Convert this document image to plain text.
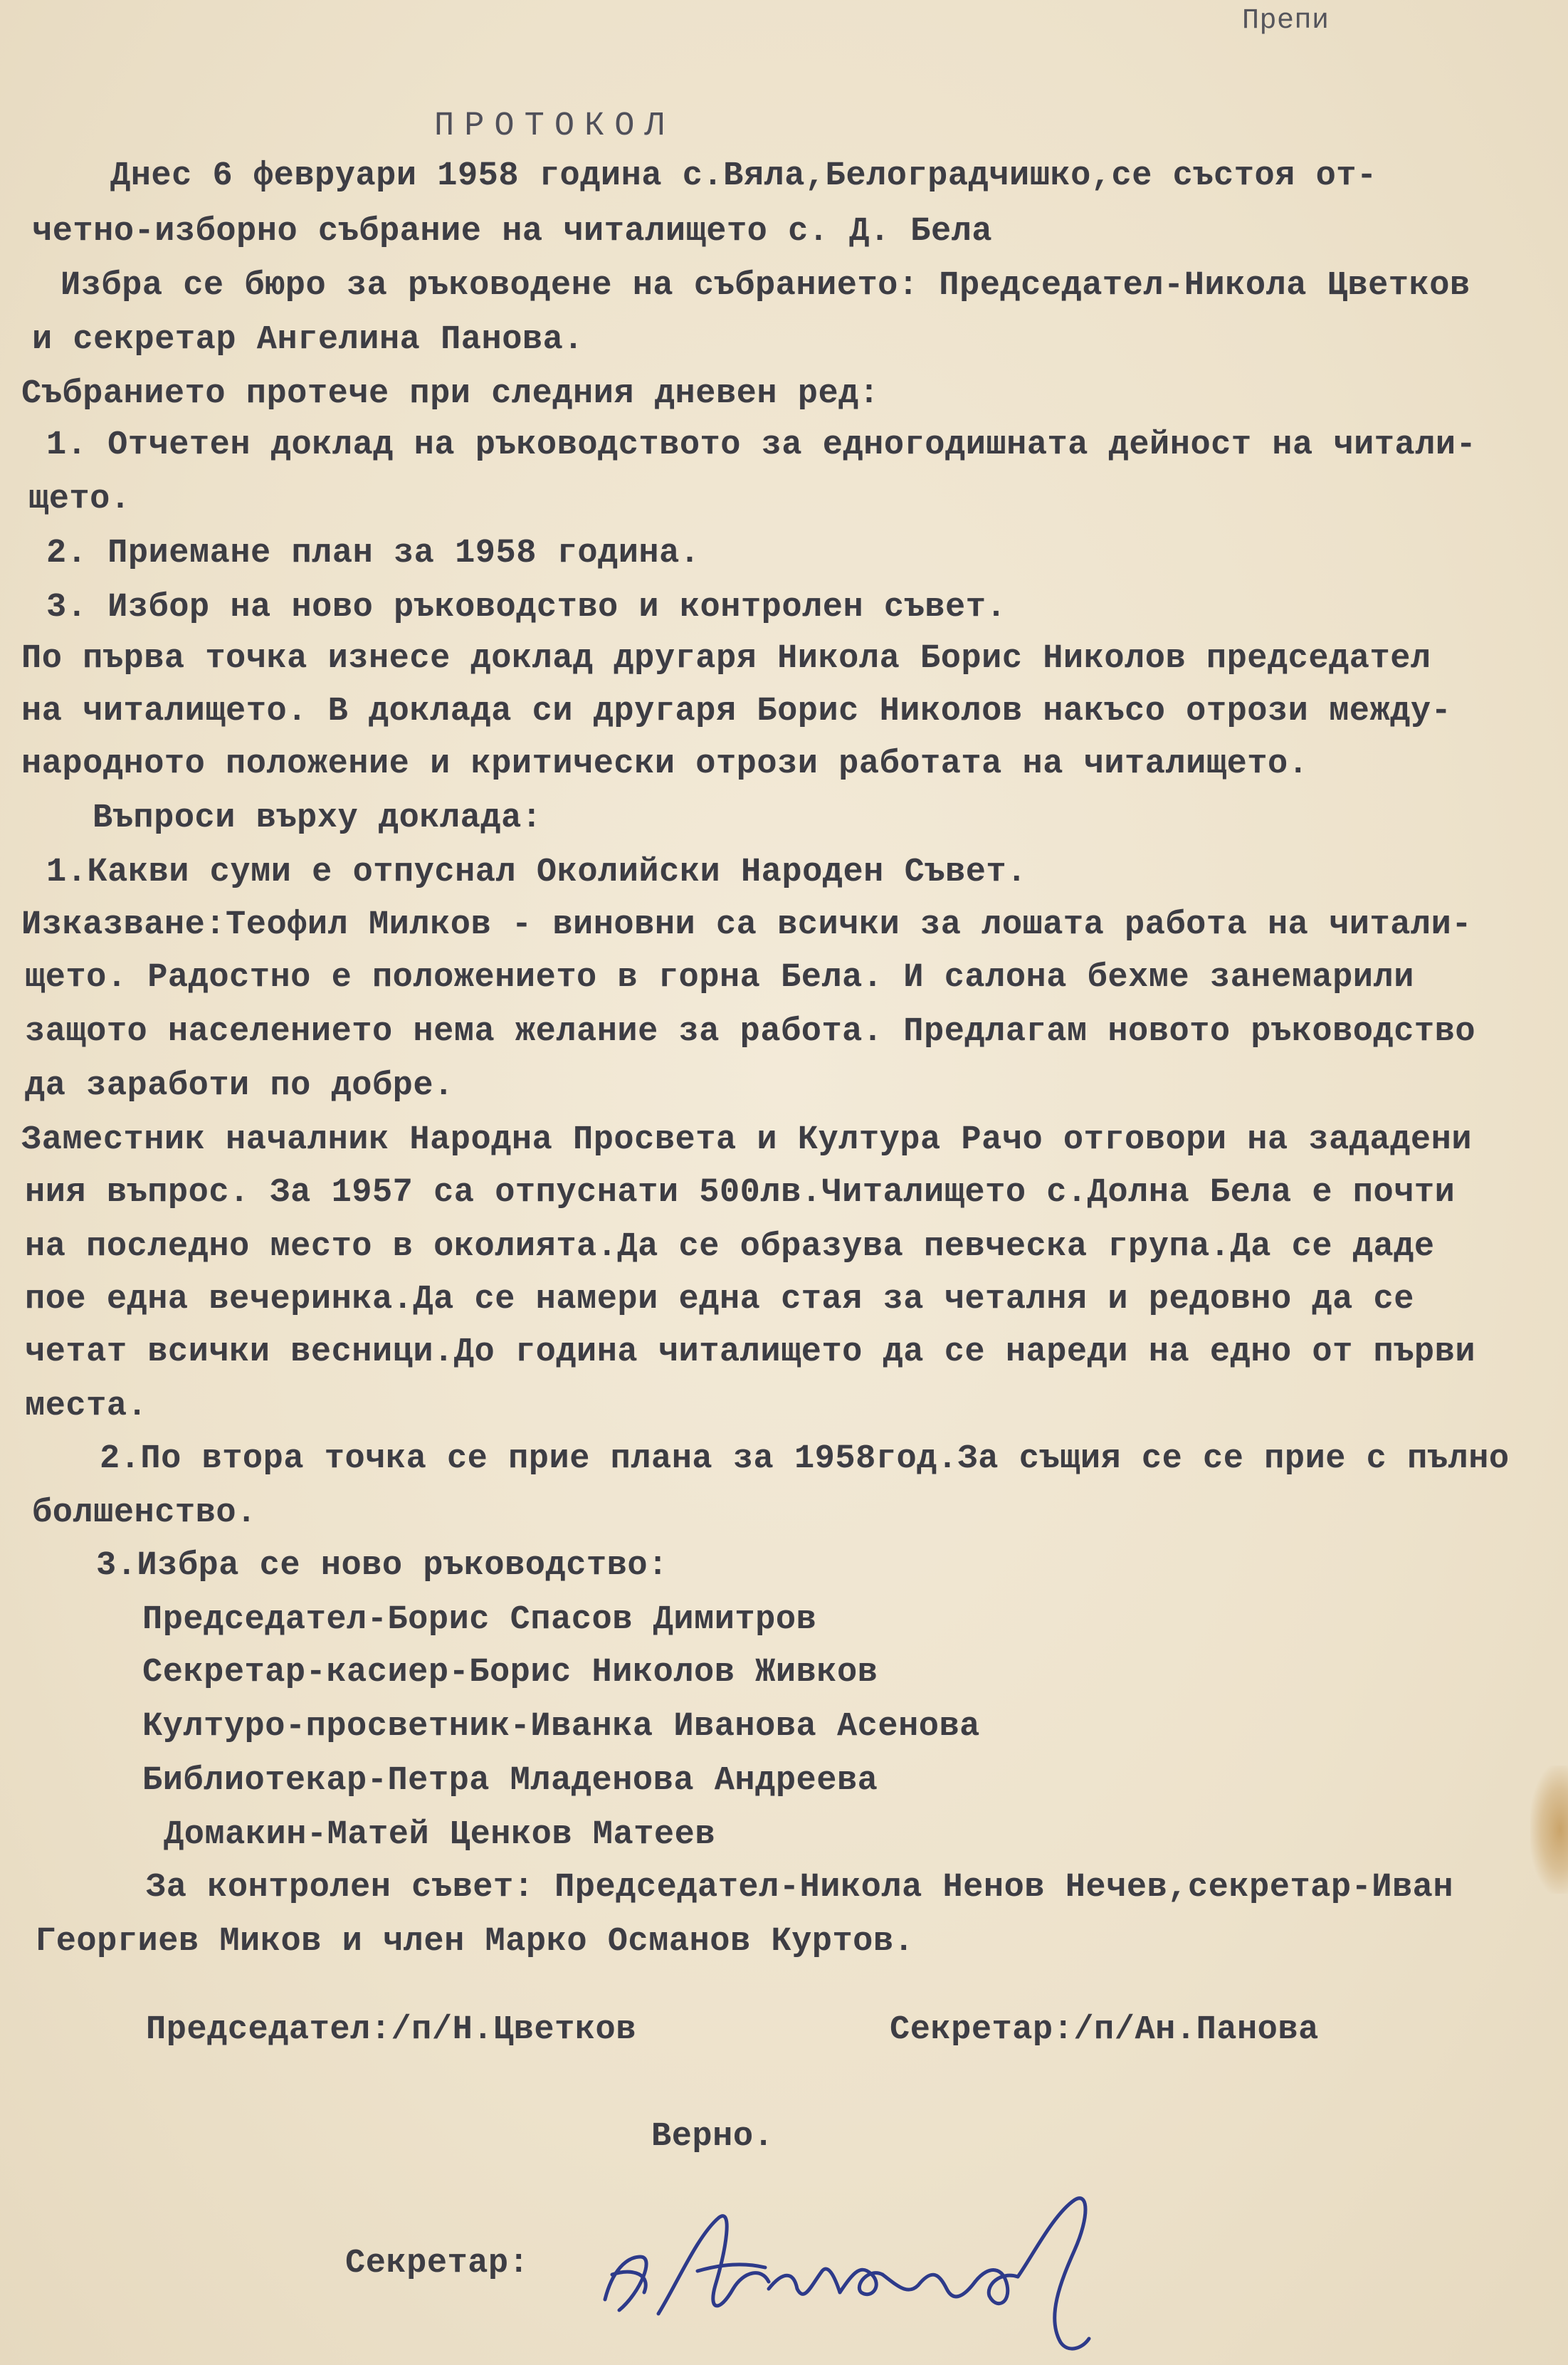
Препи
ПРОТОКОЛ
Днес 6 февруари 1958 година с.Вяла,Белоградчишко,се състоя от-
четно-изборно събрание на читалището с. Д. Бела
Избра се бюро за ръководене на събранието: Председател-Никола Цветков
и секретар Ангелина Панова.
Събранието протече при следния дневен ред:
1. Отчетен доклад на ръководството за едногодишната дейност на читали-
щето.
2. Приемане план за 1958 година.
3. Избор на ново ръководство и контролен съвет.
По първа точка изнесе доклад другаря Никола Борис Николов председател
на читалището. В доклада си другаря Борис Николов накъсо отрози между-
народното положение и критически отрози работата на читалището.
Въпроси върху доклада:
1.Какви суми е отпуснал Околийски Народен Съвет.
Изказване:Теофил Милков - виновни са всички за лошата работа на читали-
щето. Радостно е положението в горна Бела. И салона бехме занемарили
защото населението нема желание за работа. Предлагам новото ръководство
да заработи по добре.
Заместник началник Народна Просвета и Култура Рачо отговори на зададени
ния въпрос. За 1957 са отпуснати 500лв.Читалището с.Долна Бела е почти
на последно место в околията.Да се образува певческа група.Да се даде
пое една вечеринка.Да се намери една стая за четалня и редовно да се
четат всички весници.До година читалището да се нареди на едно от първи
места.
2.По втора точка се прие плана за 1958год.За същия се се прие с пълно
болшенство.
3.Избра се ново ръководство:
Председател-Борис Спасов Димитров
Секретар-касиер-Борис Николов Живков
Културо-просветник-Иванка Иванова Асенова
Библиотекар-Петра Младенова Андреева
Домакин-Матей Ценков Матеев
За контролен съвет: Председател-Никола Ненов Нечев,секретар-Иван
Георгиев Миков и член Марко Османов Куртов.
Председател:/п/Н.Цветков	Секретар:/п/Ан.Панова
Верно.
Секретар:
